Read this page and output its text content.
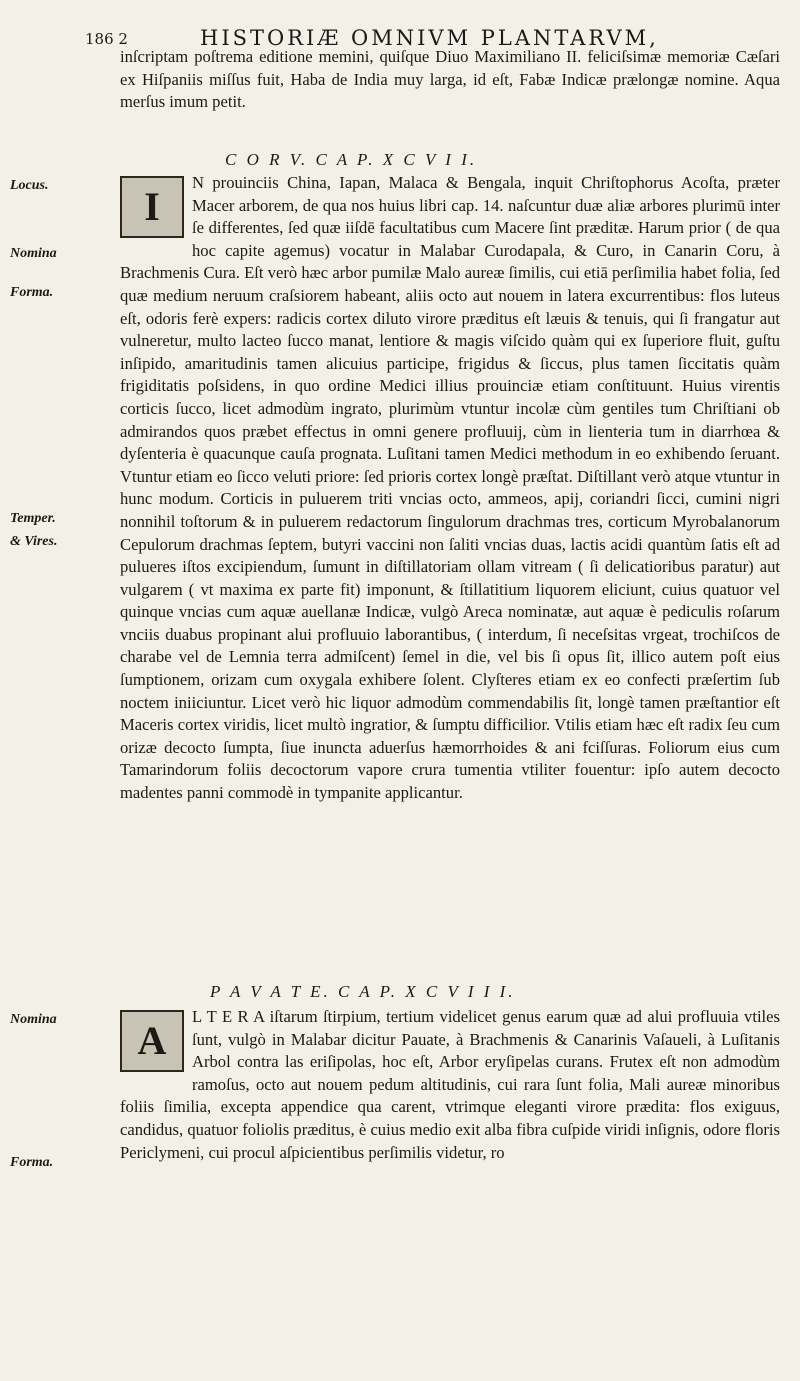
186 2	HISTORIÆ OMNIVM PLANTARVM,

inſcriptam poſtrema editione memini, quiſque Diuo Maximiliano II. feliciſsimæ memoriæ Cæſari ex Hiſpaniis miſſus fuit, Haba de India muy larga, id eſt, Fabæ Indicæ prælongæ nomine. Aqua merſus imum petit.

C O R V. C A P. X C V I I.
Locus.
Nomina
Forma.
Temper.
& Vires.
I

N prouinciis China, Iapan, Malaca & Bengala, inquit Chriſtophorus Acoſta, præter Macer arborem, de qua nos huius libri cap. 14. naſcuntur duæ aliæ arbores plurimū inter ſe differentes, ſed quæ iiſdē facultatibus cum Macere ſint præditæ. Harum prior ( de qua hoc capite agemus) vocatur in Malabar Curodapala, & Curo, in Canarin Coru, à Brachmenis Cura. Eſt verò hæc arbor pumilæ Malo aureæ ſimilis, cui etiā perſimilia habet folia, ſed quæ medium neruum craſsiorem habeant, aliis octo aut nouem in latera excurrentibus: flos luteus eſt, odoris ferè expers: radicis cortex diluto virore præditus eſt læuis & tenuis, qui ſi frangatur aut vulneretur, multo lacteo ſucco manat, lentiore & magis viſcido quàm qui ex ſuperiore fluit, guſtu inſipido, amaritudinis tamen alicuius participe, frigidus & ſiccus, plus tamen ſiccitatis quàm frigiditatis poſsidens, in quo ordine Medici illius prouinciæ etiam conſtituunt. Huius virentis corticis ſucco, licet admodùm ingrato, plurimùm vtuntur incolæ cùm gentiles tum Chriſtiani ob admirandos quos præbet effectus in omni genere profluuij, cùm in lienteria tum in diarrhœa & dyſenteria è quacunque cauſa prognata. Luſitani tamen Medici methodum in eo exhibendo ſeruant. Vtuntur etiam eo ſicco veluti priore: ſed prioris cortex longè præſtat. Diſtillant verò atque vtuntur in hunc modum. Corticis in puluerem triti vncias octo, ammeos, apij, coriandri ſicci, cumini nigri nonnihil toſtorum & in puluerem redactorum ſingulorum drachmas tres, corticum Myrobalanorum Cepulorum drachmas ſeptem, butyri vaccini non ſaliti vncias duas, lactis acidi quantùm ſatis eſt ad pulueres iſtos excipiendum, ſumunt in diſtillatoriam ollam vitream ( ſi delicatioribus paratur) aut vulgarem ( vt maxima ex parte fit) imponunt, & ſtillatitium liquorem eliciunt, cuius quatuor vel quinque vncias cum aquæ auellanæ Indicæ, vulgò Areca nominatæ, aut aquæ è pediculis roſarum vnciis duabus propinant alui profluuio laborantibus, ( interdum, ſi neceſsitas vrgeat, trochiſcos de charabe vel de Lemnia terra admiſcent) ſemel in die, vel bis ſi opus ſit, illico autem poſt eius ſumptionem, orizam cum oxygala exhibere ſolent. Clyſteres etiam ex eo confecti præſertim ſub noctem iniiciuntur. Licet verò hic liquor admodùm commendabilis ſit, longè tamen præſtantior eſt Maceris cortex viridis, licet multò ingratior, & ſumptu difficilior. Vtilis etiam hæc eſt radix ſeu cum orizæ decocto ſumpta, ſiue inuncta aduerſus hæmorrhoides & ani fciſſuras. Foliorum eius cum Tamarindorum foliis decoctorum vapore crura tumentia vtiliter fouentur: ipſo autem decocto madentes panni commodè in tympanite applicantur.

P A V A T E. C A P. X C V I I I.
Nomina
Forma.
A

L T E R A iſtarum ſtirpium, tertium videlicet genus earum quæ ad alui profluuia vtiles ſunt, vulgò in Malabar dicitur Pauate, à Brachmenis & Canarinis Vaſaueli, à Luſitanis Arbol contra las eriſipolas, hoc eſt, Arbor eryſipelas curans. Frutex eſt non admodùm ramoſus, octo aut nouem pedum altitudinis, cui rara ſunt folia, Mali aureæ minoribus foliis ſimilia, excepta appendice qua carent, vtrimque eleganti virore prædita: flos exiguus, candidus, quatuor foliolis præditus, è cuius medio exit alba fibra cuſpide viridi inſignis, odore floris Periclymeni, cui procul aſpicientibus perſimilis videtur, ro
